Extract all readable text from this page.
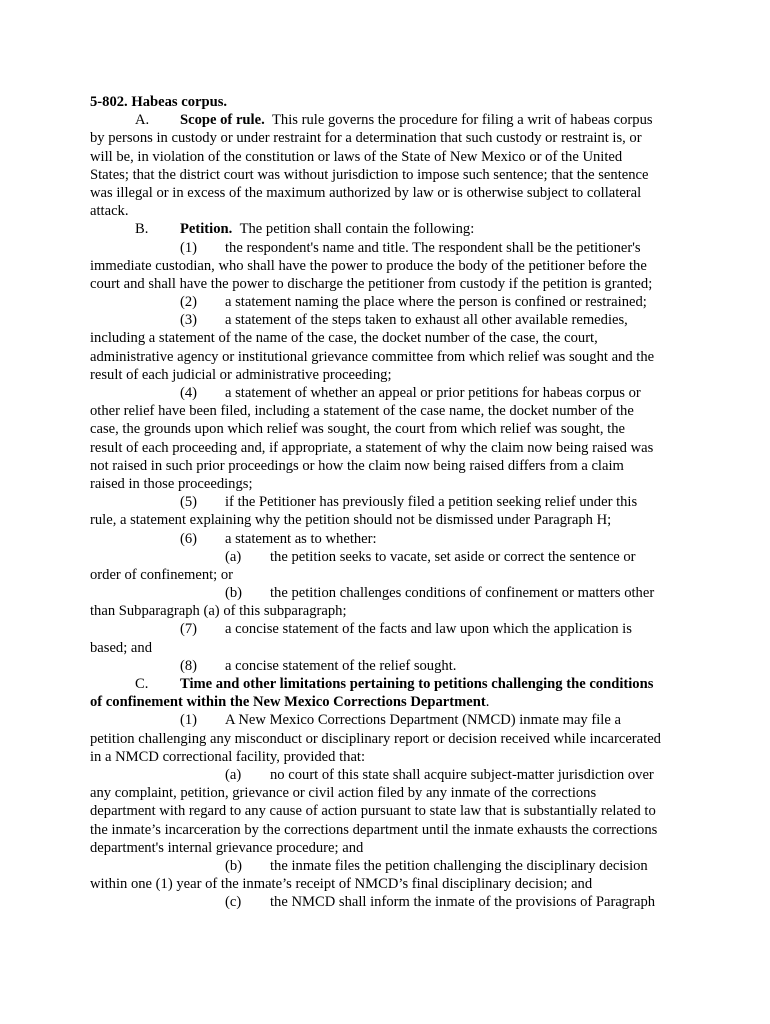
5-802. Habeas corpus.
A. Scope of rule. This rule governs the procedure for filing a writ of habeas corpus
by persons in custody or under restraint for a determination that such custody or restraint is, or
will be, in violation of the constitution or laws of the State of New Mexico or of the United
States; that the district court was without jurisdiction to impose such sentence; that the sentence
was illegal or in excess of the maximum authorized by law or is otherwise subject to collateral
attack.
B. Petition. The petition shall contain the following:
(1) the respondent's name and title. The respondent shall be the petitioner's
immediate custodian, who shall have the power to produce the body of the petitioner before the
court and shall have the power to discharge the petitioner from custody if the petition is granted;
(2) a statement naming the place where the person is confined or restrained;
(3) a statement of the steps taken to exhaust all other available remedies,
including a statement of the name of the case, the docket number of the case, the court,
administrative agency or institutional grievance committee from which relief was sought and the
result of each judicial or administrative proceeding;
(4) a statement of whether an appeal or prior petitions for habeas corpus or
other relief have been filed, including a statement of the case name, the docket number of the
case, the grounds upon which relief was sought, the court from which relief was sought, the
result of each proceeding and, if appropriate, a statement of why the claim now being raised was
not raised in such prior proceedings or how the claim now being raised differs from a claim
raised in those proceedings;
(5) if the Petitioner has previously filed a petition seeking relief under this
rule, a statement explaining why the petition should not be dismissed under Paragraph H;
(6) a statement as to whether:
(a) the petition seeks to vacate, set aside or correct the sentence or
order of confinement; or
(b) the petition challenges conditions of confinement or matters other
than Subparagraph (a) of this subparagraph;
(7) a concise statement of the facts and law upon which the application is
based; and
(8) a concise statement of the relief sought.
C. Time and other limitations pertaining to petitions challenging the conditions
of confinement within the New Mexico Corrections Department.
(1) A New Mexico Corrections Department (NMCD) inmate may file a
petition challenging any misconduct or disciplinary report or decision received while incarcerated
in a NMCD correctional facility, provided that:
(a) no court of this state shall acquire subject-matter jurisdiction over
any complaint, petition, grievance or civil action filed by any inmate of the corrections
department with regard to any cause of action pursuant to state law that is substantially related to
the inmate’s incarceration by the corrections department until the inmate exhausts the corrections
department's internal grievance procedure; and
(b) the inmate files the petition challenging the disciplinary decision
within one (1) year of the inmate’s receipt of NMCD’s final disciplinary decision; and
(c) the NMCD shall inform the inmate of the provisions of Paragraph
